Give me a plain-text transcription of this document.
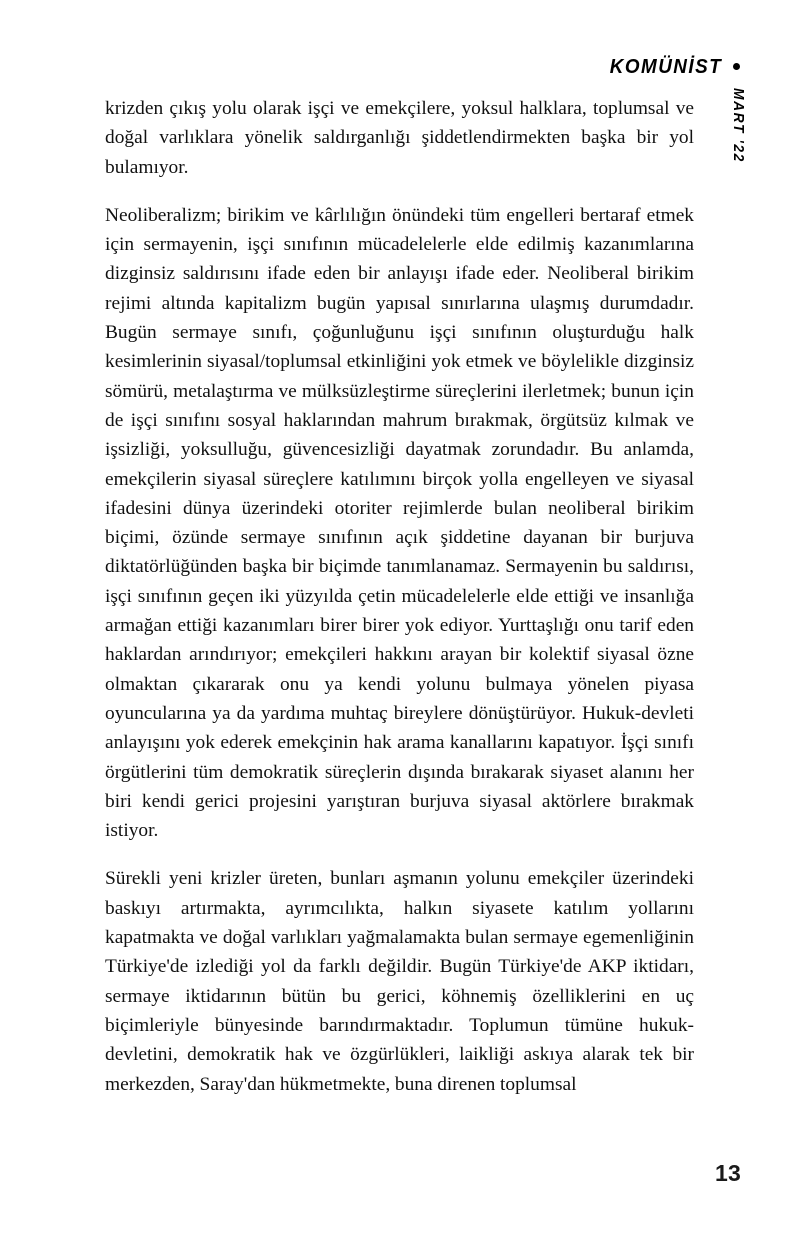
KOMÜNİST
MART '22

krizden çıkış yolu olarak işçi ve emekçilere, yoksul halklara, toplumsal ve doğal varlıklara yönelik saldırganlığı şiddetlendirmekten başka bir yol bulamıyor.

Neoliberalizm; birikim ve kârlılığın önündeki tüm engelleri bertaraf etmek için sermayenin, işçi sınıfının mücadelelerle elde edilmiş kazanımlarına dizginsiz saldırısını ifade eden bir anlayışı ifade eder. Neoliberal birikim rejimi altında kapitalizm bugün yapısal sınırlarına ulaşmış durumdadır. Bugün sermaye sınıfı, çoğunluğunu işçi sınıfının oluşturduğu halk kesimlerinin siyasal/toplumsal etkinliğini yok etmek ve böylelikle dizginsiz sömürü, metalaştırma ve mülksüzleştirme süreçlerini ilerletmek; bunun için de işçi sınıfını sosyal haklarından mahrum bırakmak, örgütsüz kılmak ve işsizliği, yoksulluğu, güvencesizliği dayatmak zorundadır. Bu anlamda, emekçilerin siyasal süreçlere katılımını birçok yolla engelleyen ve siyasal ifadesini dünya üzerindeki otoriter rejimlerde bulan neoliberal birikim biçimi, özünde sermaye sınıfının açık şiddetine dayanan bir burjuva diktatörlüğünden başka bir biçimde tanımlanamaz. Sermayenin bu saldırısı, işçi sınıfının geçen iki yüzyılda çetin mücadelelerle elde ettiği ve insanlığa armağan ettiği kazanımları birer birer yok ediyor. Yurttaşlığı onu tarif eden haklardan arındırıyor; emekçileri hakkını arayan bir kolektif siyasal özne olmaktan çıkararak onu ya kendi yolunu bulmaya yönelen piyasa oyuncularına ya da yardıma muhtaç bireylere dönüştürüyor. Hukuk-devleti anlayışını yok ederek emekçinin hak arama kanallarını kapatıyor. İşçi sınıfı örgütlerini tüm demokratik süreçlerin dışında bırakarak siyaset alanını her biri kendi gerici projesini yarıştıran burjuva siyasal aktörlere bırakmak istiyor.

Sürekli yeni krizler üreten, bunları aşmanın yolunu emekçiler üzerindeki baskıyı artırmakta, ayrımcılıkta, halkın siyasete katılım yollarını kapatmakta ve doğal varlıkları yağmalamakta bulan sermaye egemenliğinin Türkiye'de izlediği yol da farklı değildir. Bugün Türkiye'de AKP iktidarı, sermaye iktidarının bütün bu gerici, köhnemiş özelliklerini en uç biçimleriyle bünyesinde barındırmaktadır. Toplumun tümüne hukuk-devletini, demokratik hak ve özgürlükleri, laikliği askıya alarak tek bir merkezden, Saray'dan hükmetmekte, buna direnen toplumsal

13
